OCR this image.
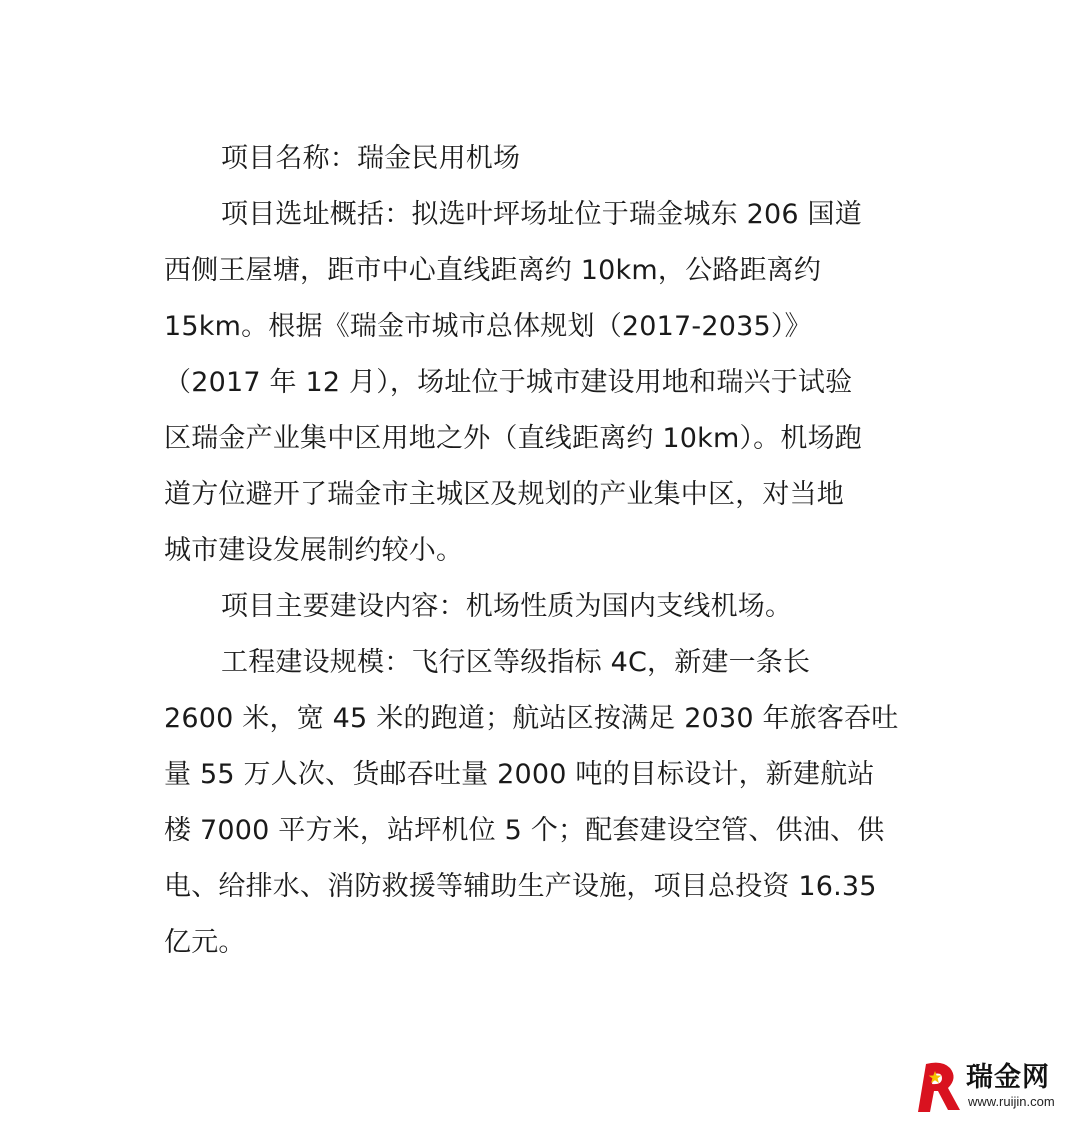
项目名称：瑞金民用机场
项目选址概括：拟选叶坪场址位于瑞金城东 206 国道
西侧王屋塘，距市中心直线距离约 10km，公路距离约
15km。根据《瑞金市城市总体规划（2017-2035）》
（2017 年 12 月），场址位于城市建设用地和瑞兴于试验
区瑞金产业集中区用地之外（直线距离约 10km）。机场跑
道方位避开了瑞金市主城区及规划的产业集中区，对当地
城市建设发展制约较小。
项目主要建设内容：机场性质为国内支线机场。
工程建设规模：飞行区等级指标 4C，新建一条长
2600 米，宽 45 米的跑道；航站区按满足 2030 年旅客吞吐
量 55 万人次、货邮吞吐量 2000 吨的目标设计，新建航站
楼 7000 平方米，站坪机位 5 个；配套建设空管、供油、供
电、给排水、消防救援等辅助生产设施，项目总投资 16.35
亿元。
瑞金网
www.ruijin.com
